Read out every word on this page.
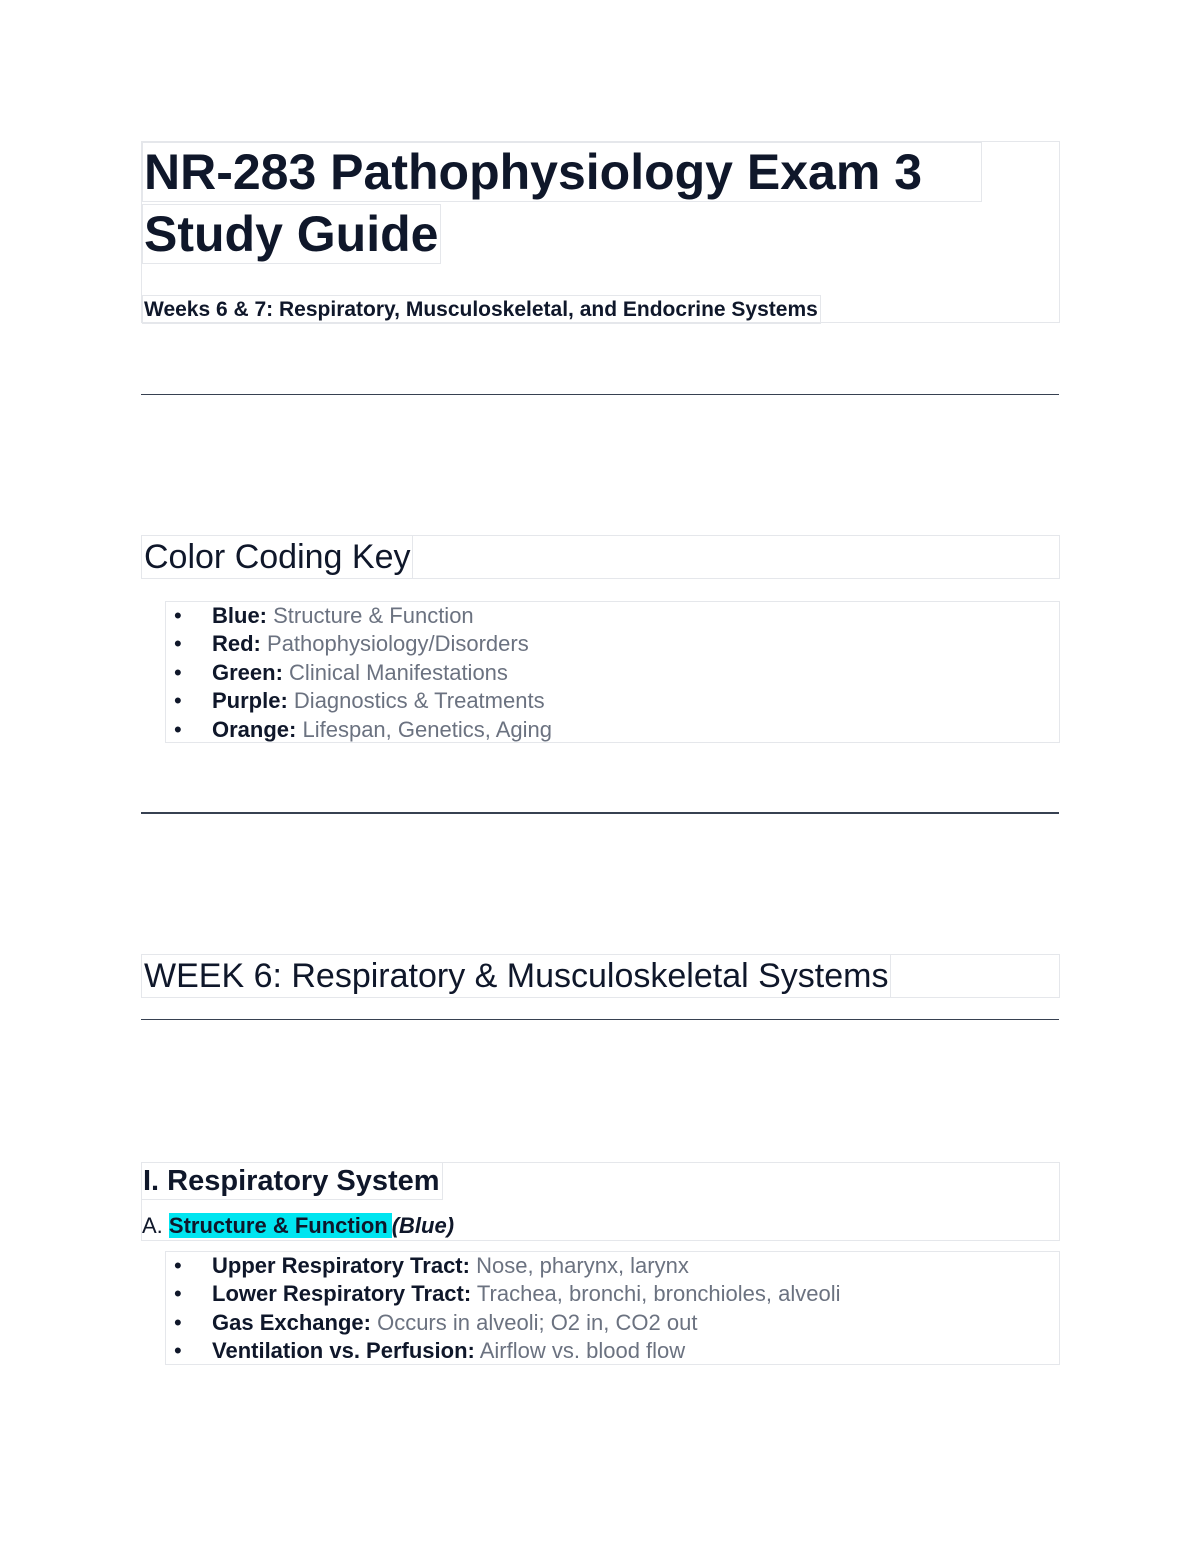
NR-283 Pathophysiology Exam 3
Study Guide
Weeks 6 & 7: Respiratory, Musculoskeletal, and Endocrine Systems
Color Coding Key
• Blue: Structure & Function
• Red: Pathophysiology/Disorders
• Green: Clinical Manifestations
• Purple: Diagnostics & Treatments
• Orange: Lifespan, Genetics, Aging
WEEK 6: Respiratory & Musculoskeletal Systems
I. Respiratory System
A. Structure & Function (Blue)
• Upper Respiratory Tract: Nose, pharynx, larynx
• Lower Respiratory Tract: Trachea, bronchi, bronchioles, alveoli
• Gas Exchange: Occurs in alveoli; O2 in, CO2 out
• Ventilation vs. Perfusion: Airflow vs. blood flow
